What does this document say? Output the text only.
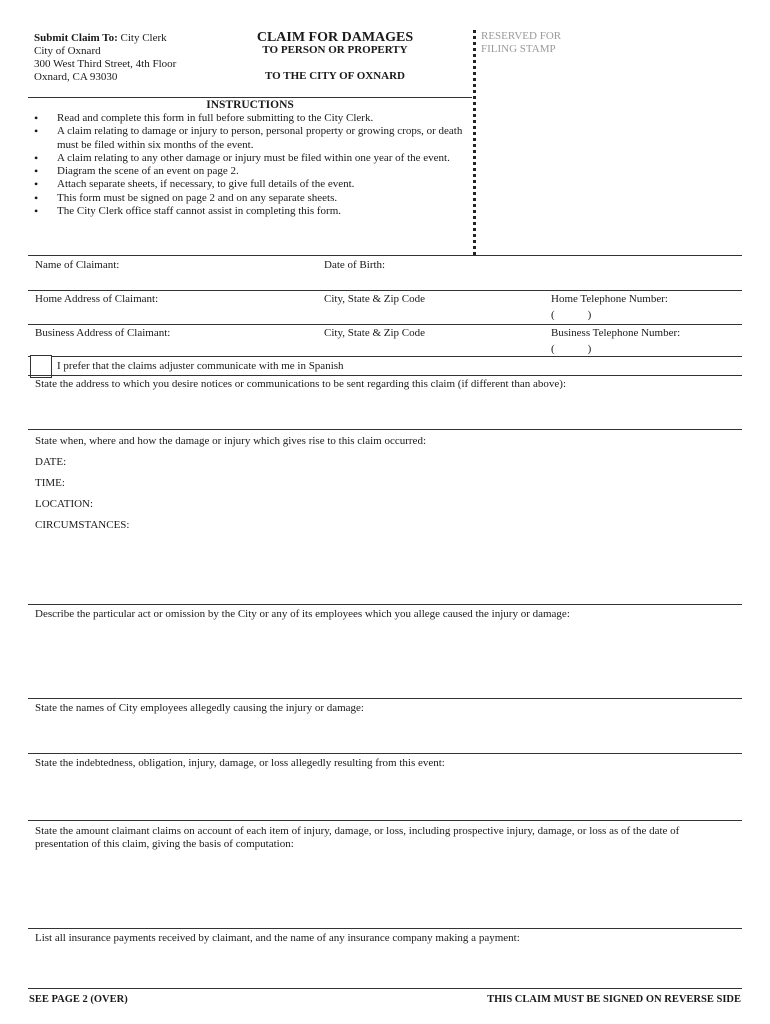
Submit Claim To: City Clerk
City of Oxnard
300 West Third Street, 4th Floor
Oxnard, CA 93030
CLAIM FOR DAMAGES
TO PERSON OR PROPERTY
TO THE CITY OF OXNARD
RESERVED FOR
FILING STAMP
INSTRUCTIONS
• Read and complete this form in full before submitting to the City Clerk.
• A claim relating to damage or injury to person, personal property or growing crops, or death must be filed within six months of the event.
• A claim relating to any other damage or injury must be filed within one year of the event.
• Diagram the scene of an event on page 2.
• Attach separate sheets, if necessary, to give full details of the event.
• This form must be signed on page 2 and on any separate sheets.
• The City Clerk office staff cannot assist in completing this form.
Name of Claimant:	Date of Birth:
Home Address of Claimant:	City, State & Zip Code	Home Telephone Number:
(            )
Business Address of Claimant:	City, State & Zip Code	Business Telephone Number:
(            )
I prefer that the claims adjuster communicate with me in Spanish
State the address to which you desire notices or communications to be sent regarding this claim (if different than above):
State when, where and how the damage or injury which gives rise to this claim occurred:
DATE:
TIME:
LOCATION:
CIRCUMSTANCES:
Describe the particular act or omission by the City or any of its employees which you allege caused the injury or damage:
State the names of City employees allegedly causing the injury or damage:
State the indebtedness, obligation, injury, damage, or loss allegedly resulting from this event:
State the amount claimant claims on account of each item of injury, damage, or loss, including prospective injury, damage, or loss as of the date of presentation of this claim, giving the basis of computation:
List all insurance payments received by claimant, and the name of any insurance company making a payment:
SEE PAGE 2 (OVER)	THIS CLAIM MUST BE SIGNED ON REVERSE SIDE
